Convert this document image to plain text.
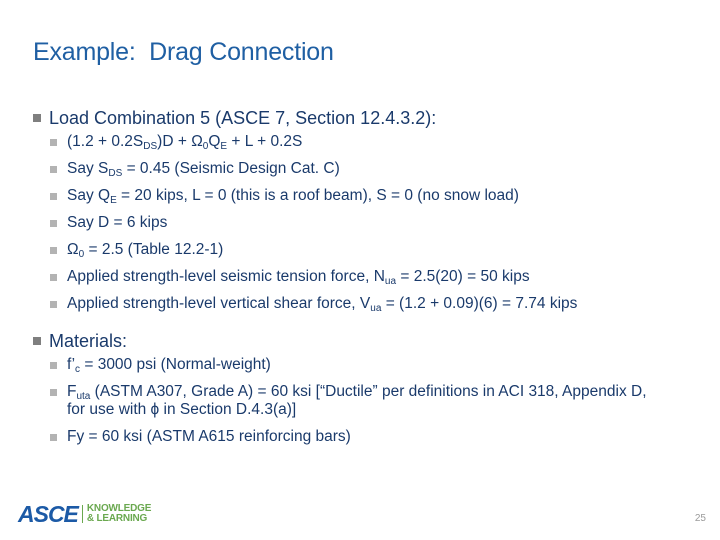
Example:  Drag Connection
Load Combination 5 (ASCE 7, Section 12.4.3.2):
$(1.2 + 0.2S_{DS})D + \Omega_0Q_E + L + 0.2S$
Say $S_{DS} = 0.45$ (Seismic Design Cat. C)
Say $Q_E = 20$ kips, L = 0 (this is a roof beam), S = 0 (no snow load)
Say D = 6 kips
$\Omega_0 = 2.5$ (Table 12.2-1)
Applied strength-level seismic tension force, $N_{ua} = 2.5(20) = 50$ kips
Applied strength-level vertical shear force, $V_{ua} = (1.2 + 0.09)(6) = 7.74$ kips
Materials:
$f’_c = 3000$ psi (Normal-weight)
$F_{uta}$ (ASTM A307, Grade A) = 60 ksi [“Ductile” per definitions in ACI 318, Appendix D, for use with ϕ in Section D.4.3(a)]
Fy = 60 ksi (ASTM A615 reinforcing bars)
ASCE KNOWLEDGE
& LEARNING	25
